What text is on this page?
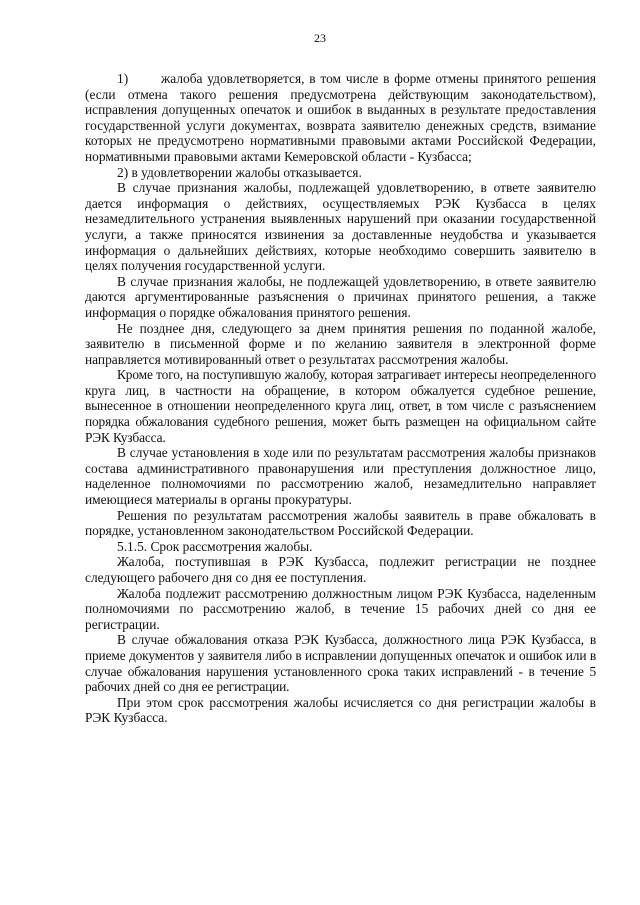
23

1) жалоба удовлетворяется, в том числе в форме отмены принятого решения (если отмена такого решения предусмотрена действующим законодательством), исправления допущенных опечаток и ошибок в выданных в результате предоставления государственной услуги документах, возврата заявителю денежных средств, взимание которых не предусмотрено нормативными правовыми актами Российской Федерации, нормативными правовыми актами Кемеровской области - Кузбасса;

2) в удовлетворении жалобы отказывается.

В случае признания жалобы, подлежащей удовлетворению, в ответе заявителю дается информация о действиях, осуществляемых РЭК Кузбасса в целях незамедлительного устранения выявленных нарушений при оказании государственной услуги, а также приносятся извинения за доставленные неудобства и указывается информация о дальнейших действиях, которые необходимо совершить заявителю в целях получения государственной услуги.

В случае признания жалобы, не подлежащей удовлетворению, в ответе заявителю даются аргументированные разъяснения о причинах принятого решения, а также информация о порядке обжалования принятого решения.

Не позднее дня, следующего за днем принятия решения по поданной жалобе, заявителю в письменной форме и по желанию заявителя в электронной форме направляется мотивированный ответ о результатах рассмотрения жалобы.

Кроме того, на поступившую жалобу, которая затрагивает интересы неопределенного круга лиц, в частности на обращение, в котором обжалуется судебное решение, вынесенное в отношении неопределенного круга лиц, ответ, в том числе с разъяснением порядка обжалования судебного решения, может быть размещен на официальном сайте РЭК Кузбасса.

В случае установления в ходе или по результатам рассмотрения жалобы признаков состава административного правонарушения или преступления должностное лицо, наделенное полномочиями по рассмотрению жалоб, незамедлительно направляет имеющиеся материалы в органы прокуратуры.

Решения по результатам рассмотрения жалобы заявитель в праве обжаловать в порядке, установленном законодательством Российской Федерации.

5.1.5. Срок рассмотрения жалобы.

Жалоба, поступившая в РЭК Кузбасса, подлежит регистрации не позднее следующего рабочего дня со дня ее поступления.

Жалоба подлежит рассмотрению должностным лицом РЭК Кузбасса, наделенным полномочиями по рассмотрению жалоб, в течение 15 рабочих дней со дня ее регистрации.

В случае обжалования отказа РЭК Кузбасса, должностного лица РЭК Кузбасса, в приеме документов у заявителя либо в исправлении допущенных опечаток и ошибок или в случае обжалования нарушения установленного срока таких исправлений - в течение 5 рабочих дней со дня ее регистрации.

При этом срок рассмотрения жалобы исчисляется со дня регистрации жалобы в РЭК Кузбасса.
